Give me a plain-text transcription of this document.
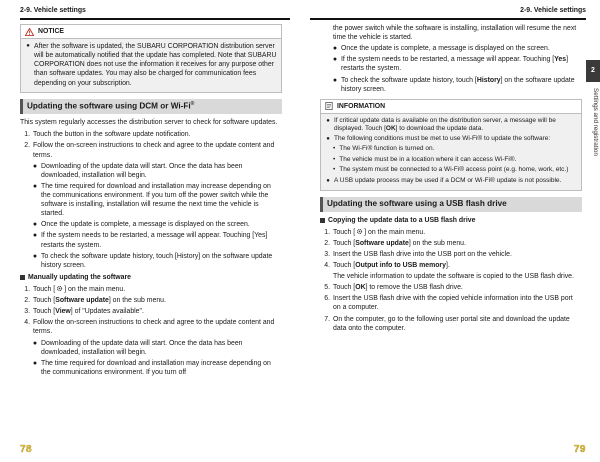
2-9. Vehicle settings
NOTICE
● After the software is updated, the SUBARU CORPORATION distribution server will be automatically notified that the update has completed. Note that SUBARU CORPORATION does not use the information it receives for any purpose other than software updates. You may also be charged for communication fees depending on your subscription.
Updating the software using DCM or Wi-Fi®

This system regularly accesses the distribution server to check for software updates.

1. Touch the button in the software update notification.
2. Follow the on-screen instructions to check and agree to the update content and terms.
● Downloading of the update data will start. Once the data has been downloaded, installation will begin.
● The time required for download and installation may increase depending on the communications environment. If you turn off the power switch while the software is installing, installation will resume the next time the vehicle is started.
● Once the update is complete, a message is displayed on the screen.
● If the system needs to be restarted, a message will appear. Touching [Yes] restarts the system.
● To check the software update history, touch [History] on the software update history screen.
Manually updating the software
1. Touch [ ] on the main menu.
2. Touch [Software update] on the sub menu.
3. Touch [View] of "Updates available".
4. Follow the on-screen instructions to check and agree to the update content and terms.
● Downloading of the update data will start. Once the data has been downloaded, installation will begin.
● The time required for download and installation may increase depending on the communications environment. If you turn off
78
2-9. Vehicle settings
2
Settings and registration
the power switch while the software is installing, installation will resume the next time the vehicle is started.
● Once the update is complete, a message is displayed on the screen.
● If the system needs to be restarted, a message will appear. Touching [Yes] restarts the system.
● To check the software update history, touch [History] on the software update history screen.
INFORMATION
● If critical update data is available on the distribution server, a message will be displayed. Touch [OK] to download the update data.
● The following conditions must be met to use Wi-Fi® to update the software:
• The Wi-Fi® function is turned on.
• The vehicle must be in a location where it can access Wi-Fi®.
• The system must be connected to a Wi-Fi® access point (e.g. home, work, etc.)
● A USB update process may be used if a DCM or Wi-Fi® update is not possible.
Updating the software using a USB flash drive
Copying the update data to a USB flash drive
1. Touch [ ] on the main menu.
2. Touch [Software update] on the sub menu.
3. Insert the USB flash drive into the USB port on the vehicle.
4. Touch [Output info to USB memory].
The vehicle information to update the software is copied to the USB flash drive.
5. Touch [OK] to remove the USB flash drive.
6. Insert the USB flash drive with the copied vehicle information into the USB port on a computer.
7. On the computer, go to the following user portal site and download the update data onto the computer.
79
